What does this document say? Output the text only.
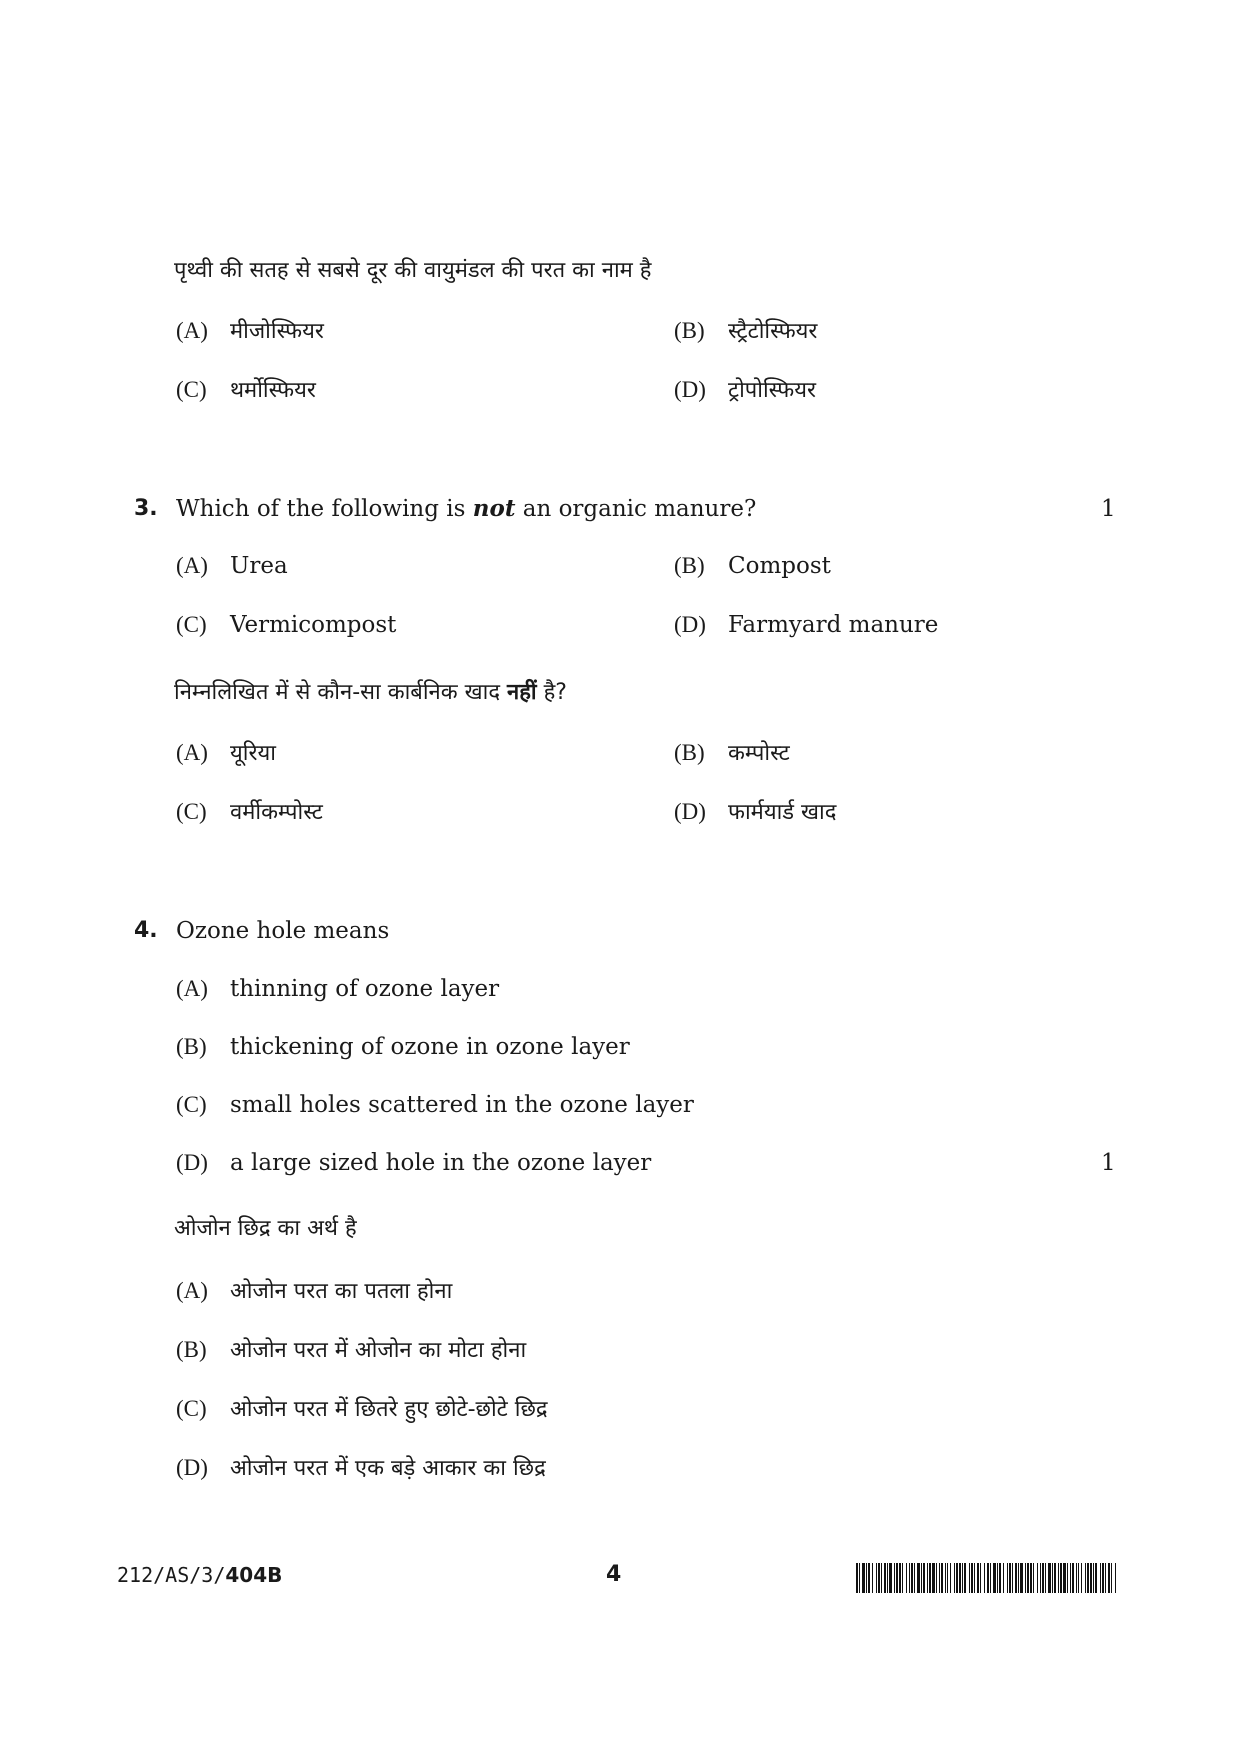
पृथ्वी की सतह से सबसे दूर की वायुमंडल की परत का नाम है
(A) मीजोस्फियर	(B) स्ट्रैटोस्फियर
(C) थर्मोस्फियर	(D) ट्रोपोस्फियर
3. Which of the following is not an organic manure?	1
(A) Urea	(B) Compost
(C) Vermicompost	(D) Farmyard manure
निम्नलिखित में से कौन-सा कार्बनिक खाद नहीं है?
(A) यूरिया	(B) कम्पोस्ट
(C) वर्मीकम्पोस्ट	(D) फार्मयार्ड खाद
4. Ozone hole means
(A) thinning of ozone layer
(B) thickening of ozone in ozone layer
(C) small holes scattered in the ozone layer
(D) a large sized hole in the ozone layer	1
ओजोन छिद्र का अर्थ है
(A) ओजोन परत का पतला होना
(B) ओजोन परत में ओजोन का मोटा होना
(C) ओजोन परत में छितरे हुए छोटे-छोटे छिद्र
(D) ओजोन परत में एक बड़े आकार का छिद्र
212/AS/3/404B	4
